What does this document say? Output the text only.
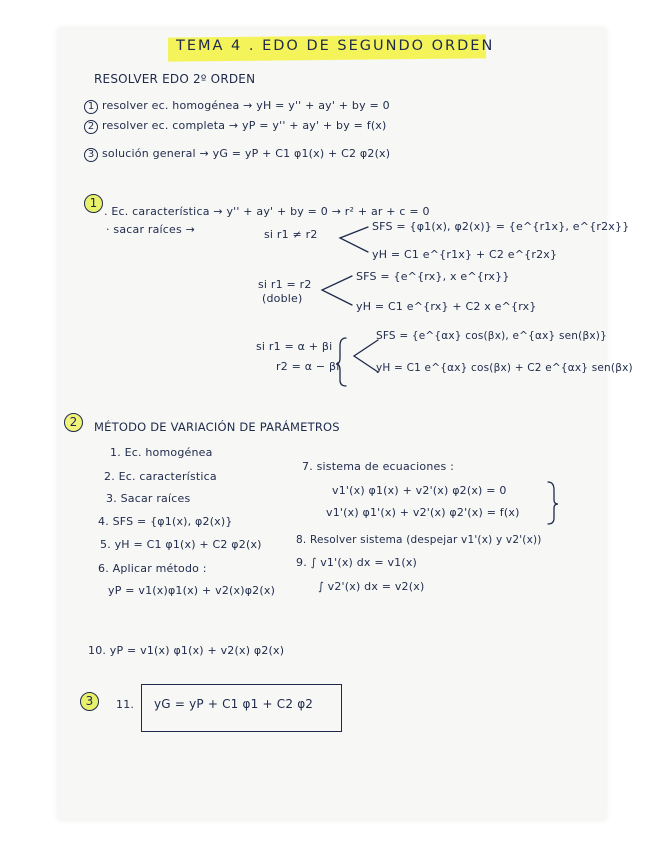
TEMA 4 . EDO DE SEGUNDO ORDEN
RESOLVER EDO 2º ORDEN
1 resolver ec. homogénea → yH = y'' + ay' + by = 0
2 resolver ec. completa → yP = y'' + ay' + by = f(x)
3 solución general → yG = yP + C1 φ1(x) + C2 φ2(x)
1
. Ec. característica → y'' + ay' + by = 0 → r² + ar + c = 0
· sacar raíces →	si r1 ≠ r2
SFS = {φ1(x), φ2(x)} = {e^{r1x}, e^{r2x}}
yH = C1 e^{r1x} + C2 e^{r2x}
si r1 = r2
(doble)
SFS = {e^{rx}, x e^{rx}}
yH = C1 e^{rx} + C2 x e^{rx}
si r1 = α + βi
r2 = α − βi
SFS = {e^{αx} cos(βx), e^{αx} sen(βx)}
yH = C1 e^{αx} cos(βx) + C2 e^{αx} sen(βx)
2	MÉTODO DE VARIACIÓN DE PARÁMETROS
1. Ec. homogénea
2. Ec. característica
3. Sacar raíces
4. SFS = {φ1(x), φ2(x)}
5. yH = C1 φ1(x) + C2 φ2(x)
6. Aplicar método :
yP = v1(x)φ1(x) + v2(x)φ2(x)
7. sistema de ecuaciones :
v1'(x) φ1(x) + v2'(x) φ2(x) = 0
v1'(x) φ1'(x) + v2'(x) φ2'(x) = f(x)
8. Resolver sistema (despejar v1'(x) y v2'(x))
9. ∫ v1'(x) dx = v1(x)
∫ v2'(x) dx = v2(x)
10. yP = v1(x) φ1(x) + v2(x) φ2(x)
3	11. yG = yP + C1 φ1 + C2 φ2
